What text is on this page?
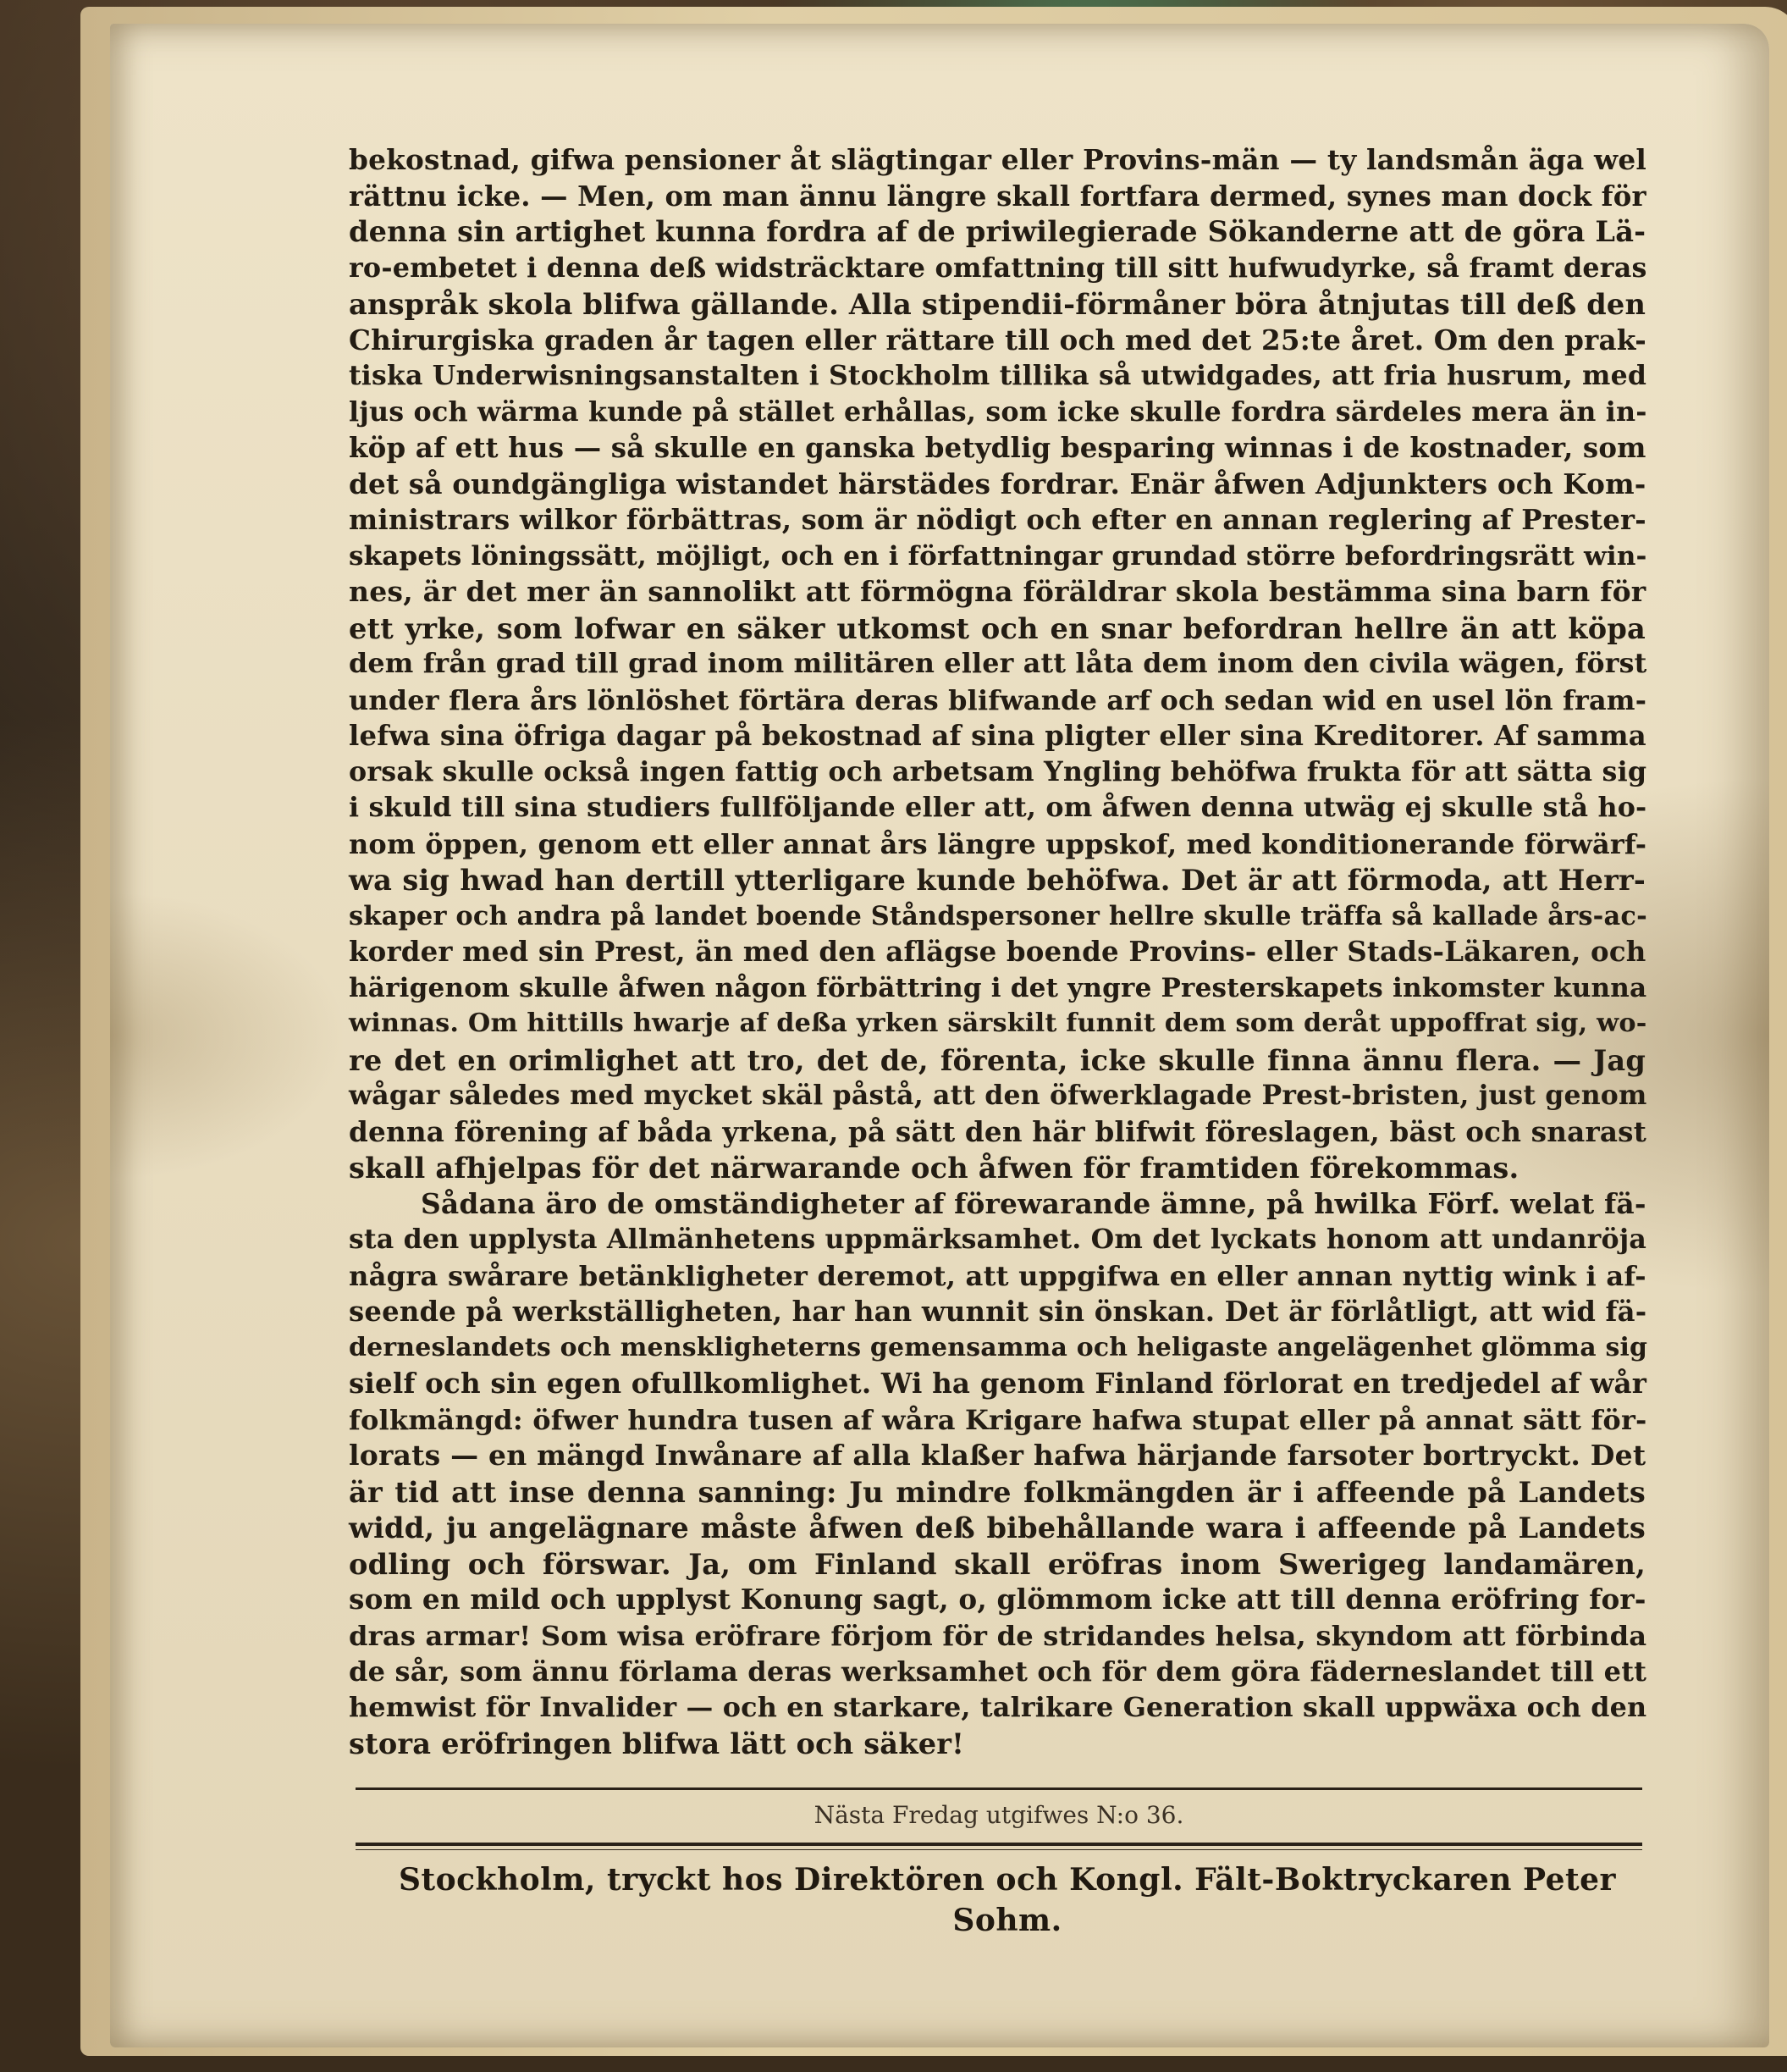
bekostnad, gifwa pensioner åt slägtingar eller Provins-män — ty landsmån äga wel
rättnu icke. — Men, om man ännu längre skall fortfara dermed, synes man dock för
denna sin artighet kunna fordra af de priwilegierade Sökanderne att de göra Lä-
ro-embetet i denna deß widsträcktare omfattning till sitt hufwudyrke, så framt deras
anspråk skola blifwa gällande. Alla stipendii-förmåner böra åtnjutas till deß den
Chirurgiska graden år tagen eller rättare till och med det 25:te året. Om den prak-
tiska Underwisningsanstalten i Stockholm tillika så utwidgades, att fria husrum, med
ljus och wärma kunde på stället erhållas, som icke skulle fordra särdeles mera än in-
köp af ett hus — så skulle en ganska betydlig besparing winnas i de kostnader, som
det så oundgängliga wistandet härstädes fordrar. Enär åfwen Adjunkters och Kom-
ministrars wilkor förbättras, som är nödigt och efter en annan reglering af Prester-
skapets löningssätt, möjligt, och en i författningar grundad större befordringsrätt win-
nes, är det mer än sannolikt att förmögna föräldrar skola bestämma sina barn för
ett yrke, som lofwar en säker utkomst och en snar befordran hellre än att köpa
dem från grad till grad inom militären eller att låta dem inom den civila wägen, först
under flera års lönlöshet förtära deras blifwande arf och sedan wid en usel lön fram-
lefwa sina öfriga dagar på bekostnad af sina pligter eller sina Kreditorer. Af samma
orsak skulle också ingen fattig och arbetsam Yngling behöfwa frukta för att sätta sig
i skuld till sina studiers fullföljande eller att, om åfwen denna utwäg ej skulle stå ho-
nom öppen, genom ett eller annat års längre uppskof, med konditionerande förwärf-
wa sig hwad han dertill ytterligare kunde behöfwa. Det är att förmoda, att Herr-
skaper och andra på landet boende Ståndspersoner hellre skulle träffa så kallade års-ac-
korder med sin Prest, än med den aflägse boende Provins- eller Stads-Läkaren, och
härigenom skulle åfwen någon förbättring i det yngre Presterskapets inkomster kunna
winnas. Om hittills hwarje af deßa yrken särskilt funnit dem som deråt uppoffrat sig, wo-
re det en orimlighet att tro, det de, förenta, icke skulle finna ännu flera. — Jag
wågar således med mycket skäl påstå, att den öfwerklagade Prest-bristen, just genom
denna förening af båda yrkena, på sätt den här blifwit föreslagen, bäst och snarast
skall afhjelpas för det närwarande och åfwen för framtiden förekommas.
Sådana äro de omständigheter af förewarande ämne, på hwilka Förf. welat fä-
sta den upplysta Allmänhetens uppmärksamhet. Om det lyckats honom att undanröja
några swårare betänkligheter deremot, att uppgifwa en eller annan nyttig wink i af-
seende på werkställigheten, har han wunnit sin önskan. Det är förlåtligt, att wid fä-
derneslandets och menskligheterns gemensamma och heligaste angelägenhet glömma sig
sielf och sin egen ofullkomlighet. Wi ha genom Finland förlorat en tredjedel af wår
folkmängd: öfwer hundra tusen af wåra Krigare hafwa stupat eller på annat sätt för-
lorats — en mängd Inwånare af alla klaßer hafwa härjande farsoter bortryckt. Det
är tid att inse denna sanning: Ju mindre folkmängden är i affeende på Landets
widd, ju angelägnare måste åfwen deß bibehållande wara i affeende på Landets
odling och förswar. Ja, om Finland skall eröfras inom Swerigeg landamären,
som en mild och upplyst Konung sagt, o, glömmom icke att till denna eröfring for-
dras armar! Som wisa eröfrare förjom för de stridandes helsa, skyndom att förbinda
de sår, som ännu förlama deras werksamhet och för dem göra fäderneslandet till ett
hemwist för Invalider — och en starkare, talrikare Generation skall uppwäxa och den
stora eröfringen blifwa lätt och säker!
Nästa Fredag utgifwes N:o 36.
Stockholm, tryckt hos Direktören och Kongl. Fält-Boktryckaren Peter Sohm.
